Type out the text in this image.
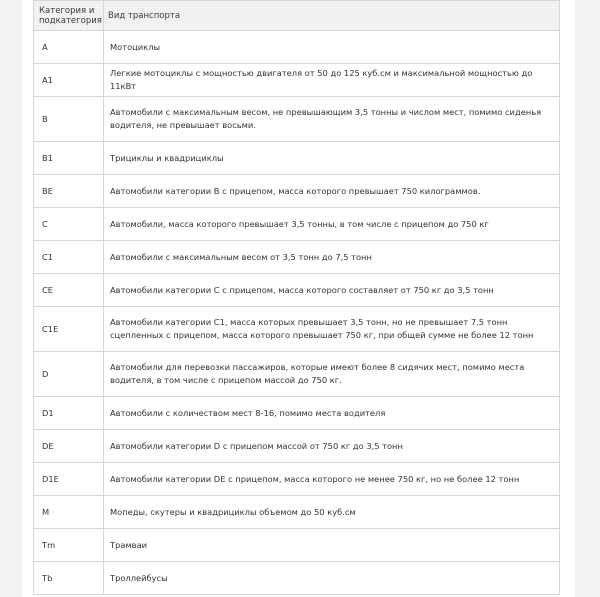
Категория и подкатегория	Вид транспорта
A	Мотоциклы
A1	Легкие мотоциклы с мощностью двигателя от 50 до 125 куб.см и максимальной мощностью до 11кВт
B	Автомобили с максимальным весом, не превышающим 3,5 тонны и числом мест, помимо сиденья водителя, не превышает восьми.
B1	Трициклы и квадрициклы
BE	Автомобили категории В с прицепом, масса которого превышает 750 килограммов.
C	Автомобили, масса которого превышает 3,5 тонны, в том числе с прицепом до 750 кг
C1	Автомобили с максимальным весом от 3,5 тонн до 7,5 тонн
CE	Автомобили категории С с прицепом, масса которого составляет от 750 кг до 3,5 тонн
C1E	Автомобили категории С1, масса которых превышает 3,5 тонн, но не превышает 7.5 тонн сцепленных с прицепом, масса которого превышает 750 кг, при общей сумме не более 12 тонн
D	Автомобили для перевозки пассажиров, которые имеют более 8 сидячих мест, помимо места водителя, в том числе с прицепом массой до 750 кг.
D1	Автомобили с количеством мест 8-16, помимо места водителя
DE	Автомобили категории D с прицепом массой от 750 кг до 3,5 тонн
D1E	Автомобили категории DE с прицепом, масса которого не менее 750 кг, но не более 12 тонн
M	Мопеды, скутеры и квадрициклы объемом до 50 куб.см
Tm	Трамваи
Tb	Троллейбусы
